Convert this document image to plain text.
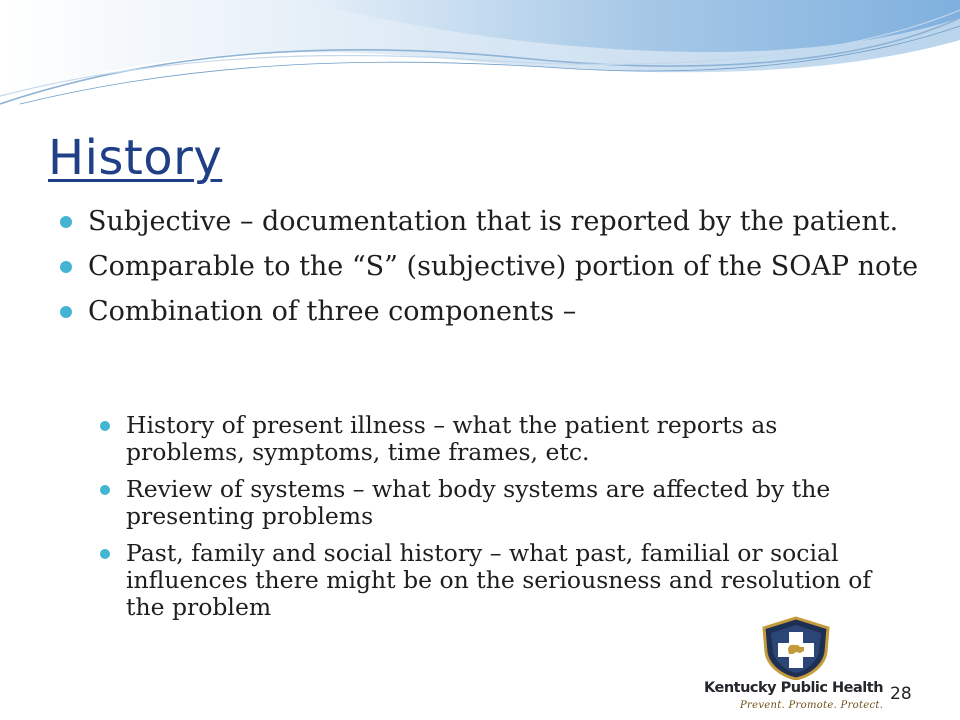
History
Subjective – documentation that is reported by the patient.
Comparable to the “S” (subjective) portion of the SOAP note
Combination of three components –
History of present illness – what the patient reports as problems, symptoms, time frames, etc.
Review of systems – what body systems are affected by the presenting problems
Past, family and social history – what past, familial or social influences there might be on the seriousness and resolution of the problem
Kentucky Public Health
Prevent. Promote. Protect.
28
